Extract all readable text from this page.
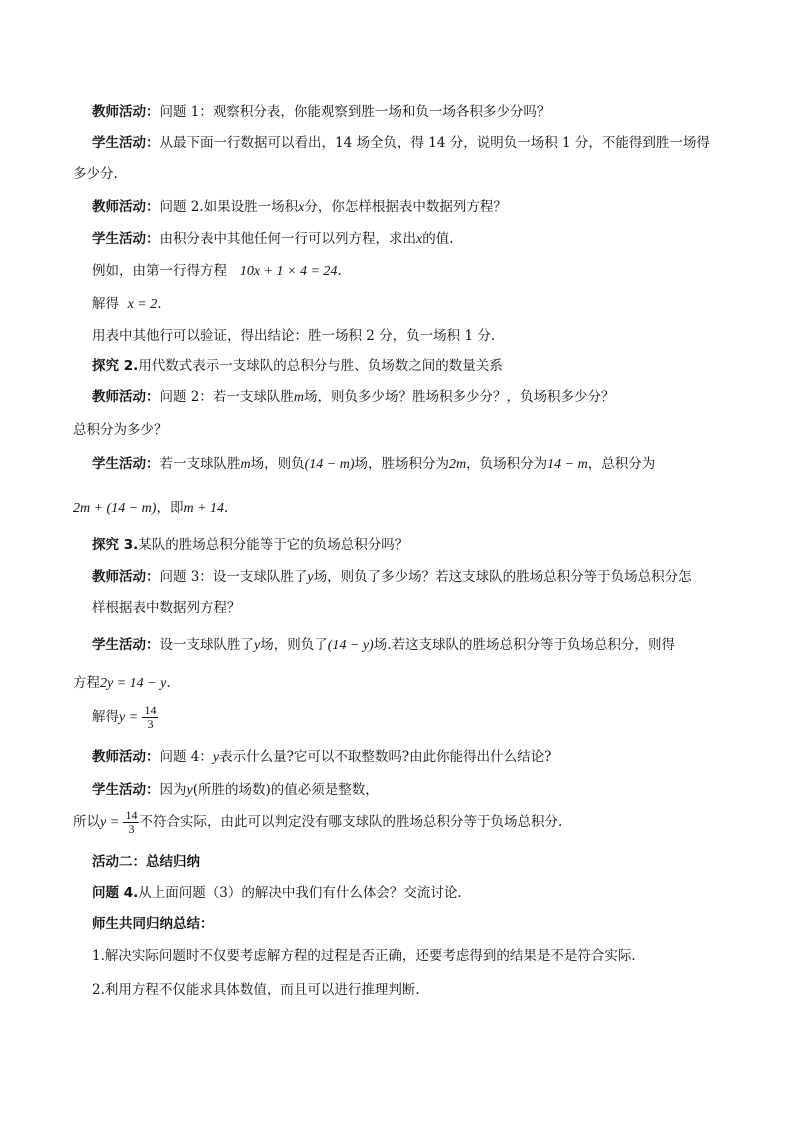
教师活动：问题 1：观察积分表，你能观察到胜一场和负一场各积多少分吗？
学生活动：从最下面一行数据可以看出，14 场全负，得 14 分，说明负一场积 1 分，不能得到胜一场得
多少分.
教师活动：问题 2.如果设胜一场积x分，你怎样根据表中数据列方程？
学生活动：由积分表中其他任何一行可以列方程，求出x的值.
例如，由第一行得方程 10x + 1 × 4 = 24.
解得 x = 2.
用表中其他行可以验证，得出结论：胜一场积 2 分，负一场积 1 分.
探究 2.用代数式表示一支球队的总积分与胜、负场数之间的数量关系
教师活动：问题 2：若一支球队胜m场，则负多少场？胜场积多少分？，负场积多少分？
总积分为多少？
学生活动：若一支球队胜m场，则负(14 − m)场，胜场积分为2m，负场积分为14 − m，总积分为
2m + (14 − m)，即m + 14.
探究 3.某队的胜场总积分能等于它的负场总积分吗？
教师活动：问题 3：设一支球队胜了y场，则负了多少场？若这支球队的胜场总积分等于负场总积分怎
样根据表中数据列方程？
学生活动：设一支球队胜了y场，则负了(14 − y)场.若这支球队的胜场总积分等于负场总积分，则得
方程2y = 14 − y.
解得$y = \frac{14}{3}$
教师活动：问题 4：y表示什么量?它可以不取整数吗?由此你能得出什么结论?
学生活动：因为y(所胜的场数)的值必须是整数，
所以$y = \frac{14}{3}$ 不符合实际，由此可以判定没有哪支球队的胜场总积分等于负场总积分.
活动二：总结归纳
问题 4.从上面问题（3）的解决中我们有什么体会？交流讨论.
师生共同归纳总结：
1.解决实际问题时不仅要考虑解方程的过程是否正确，还要考虑得到的结果是不是符合实际.
2.利用方程不仅能求具体数值，而且可以进行推理判断.
